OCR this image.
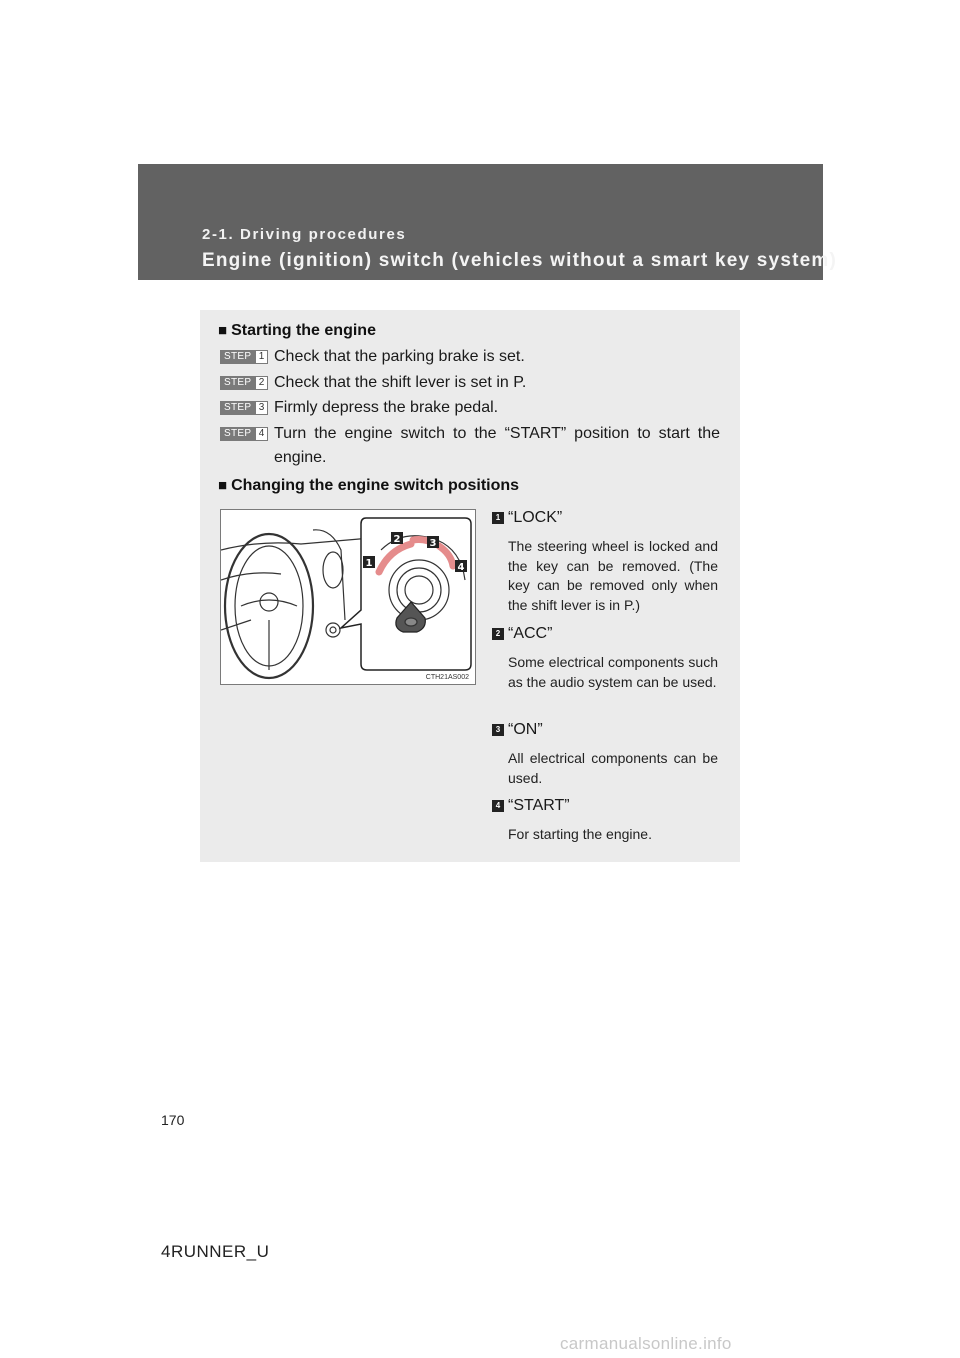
2-1. Driving procedures
Engine (ignition) switch (vehicles without a smart key system)
■ Starting the engine
STEP 1 Check that the parking brake is set.
STEP 2 Check that the shift lever is set in P.
STEP 3 Firmly depress the brake pedal.
STEP 4 Turn the engine switch to the “START” position to start the engine.
■ Changing the engine switch positions
1
2	3
4
CTH21AS002
1 “LOCK”
The steering wheel is locked and the key can be removed. (The key can be removed only when the shift lever is in P.)
2 “ACC”
Some electrical components such as the audio system can be used.
3 “ON”
All electrical components can be used.
4 “START”
For starting the engine.
170
4RUNNER_U
carmanualsonline.info
